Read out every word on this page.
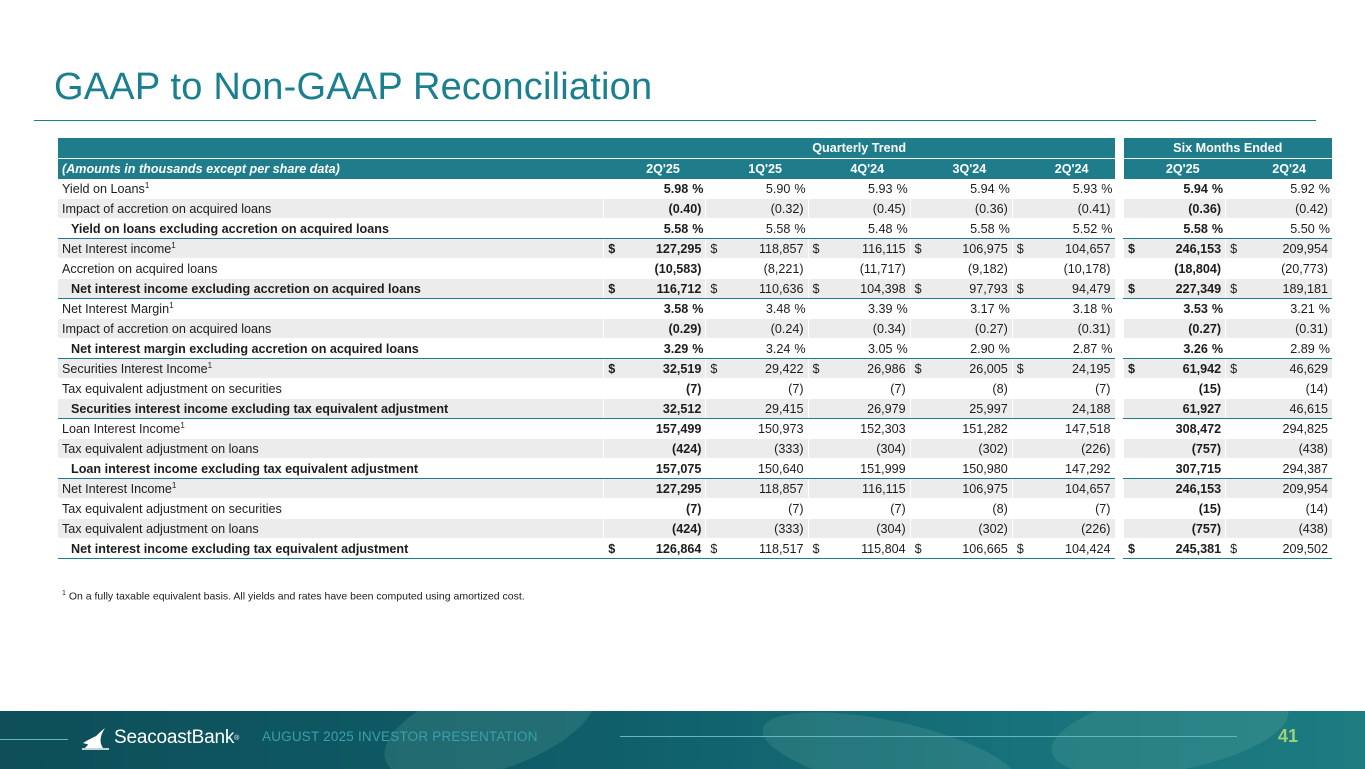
GAAP to Non-GAAP Reconciliation
	Quarterly Trend											Six Months Ended			
(Amounts in thousands except per share data)	2Q'25		1Q'25		4Q'24		3Q'24		2Q'24			2Q'25		2Q'24	
Yield on Loans$^1$		5.98 %		5.90 %		5.93 %		5.94 %		5.93 %			5.94 %		5.92 %
Impact of accretion on acquired loans		(0.40)		(0.32)		(0.45)		(0.36)		(0.41)			(0.36)		(0.42)
Yield on loans excluding accretion on acquired loans		5.58 %		5.58 %		5.48 %		5.58 %		5.52 %			5.58 %		5.50 %
Net Interest income$^1$	$	127,295	$	118,857	$	116,115	$	106,975	$	104,657		$	246,153	$	209,954
Accretion on acquired loans		(10,583)		(8,221)		(11,717)		(9,182)		(10,178)			(18,804)		(20,773)
Net interest income excluding accretion on acquired loans	$	116,712	$	110,636	$	104,398	$	97,793	$	94,479		$	227,349	$	189,181
Net Interest Margin$^1$		3.58 %		3.48 %		3.39 %		3.17 %		3.18 %			3.53 %		3.21 %
Impact of accretion on acquired loans		(0.29)		(0.24)		(0.34)		(0.27)		(0.31)			(0.27)		(0.31)
Net interest margin excluding accretion on acquired loans		3.29 %		3.24 %		3.05 %		2.90 %		2.87 %			3.26 %		2.89 %
Securities Interest Income$^1$	$	32,519	$	29,422	$	26,986	$	26,005	$	24,195		$	61,942	$	46,629
Tax equivalent adjustment on securities		(7)		(7)		(7)		(8)		(7)			(15)		(14)
Securities interest income excluding tax equivalent adjustment		32,512		29,415		26,979		25,997		24,188			61,927		46,615
Loan Interest Income$^1$		157,499		150,973		152,303		151,282		147,518			308,472		294,825
Tax equivalent adjustment on loans		(424)		(333)		(304)		(302)		(226)			(757)		(438)
Loan interest income excluding tax equivalent adjustment		157,075		150,640		151,999		150,980		147,292			307,715		294,387
Net Interest Income$^1$		127,295		118,857		116,115		106,975		104,657			246,153		209,954
Tax equivalent adjustment on securities		(7)		(7)		(7)		(8)		(7)			(15)		(14)
Tax equivalent adjustment on loans		(424)		(333)		(304)		(302)		(226)			(757)		(438)
Net interest income excluding tax equivalent adjustment	$	126,864	$	118,517	$	115,804	$	106,665	$	104,424		$	245,381	$	209,502
$^1$ On a fully taxable equivalent basis. All yields and rates have been computed using amortized cost.
SeacoastBank ® AUGUST 2025 INVESTOR PRESENTATION	41
